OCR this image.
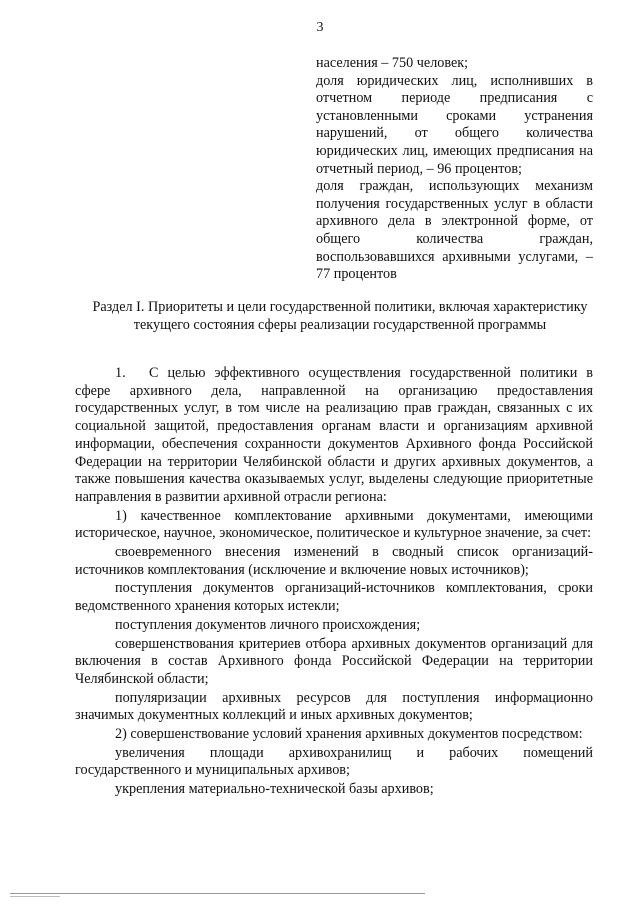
3

населения – 750 человек;

доля юридических лиц, исполнивших в отчетном периоде предписания с установленными сроками устранения нарушений, от общего количества юридических лиц, имеющих предписания на отчетный период, – 96 процентов;

доля граждан, использующих механизм получения государственных услуг в области архивного дела в электронной форме, от общего количества граждан, воспользовавшихся архивными услугами, – 77 процентов

Раздел I. Приоритеты и цели государственной политики, включая характеристику текущего состояния сферы реализации государственной программы

1. С целью эффективного осуществления государственной политики в сфере архивного дела, направленной на организацию предоставления государственных услуг, в том числе на реализацию прав граждан, связанных с их социальной защитой, предоставления органам власти и организациям архивной информации, обеспечения сохранности документов Архивного фонда Российской Федерации на территории Челябинской области и других архивных документов, а также повышения качества оказываемых услуг, выделены следующие приоритетные направления в развитии архивной отрасли региона:

1) качественное комплектование архивными документами, имеющими историческое, научное, экономическое, политическое и культурное значение, за счет:

своевременного внесения изменений в сводный список организаций-источников комплектования (исключение и включение новых источников);

поступления документов организаций-источников комплектования, сроки ведомственного хранения которых истекли;

поступления документов личного происхождения;

совершенствования критериев отбора архивных документов организаций для включения в состав Архивного фонда Российской Федерации на территории Челябинской области;

популяризации архивных ресурсов для поступления информационно значимых документных коллекций и иных архивных документов;

2) совершенствование условий хранения архивных документов посредством:

увеличения площади архивохранилищ и рабочих помещений государственного и муниципальных архивов;

укрепления материально-технической базы архивов;
